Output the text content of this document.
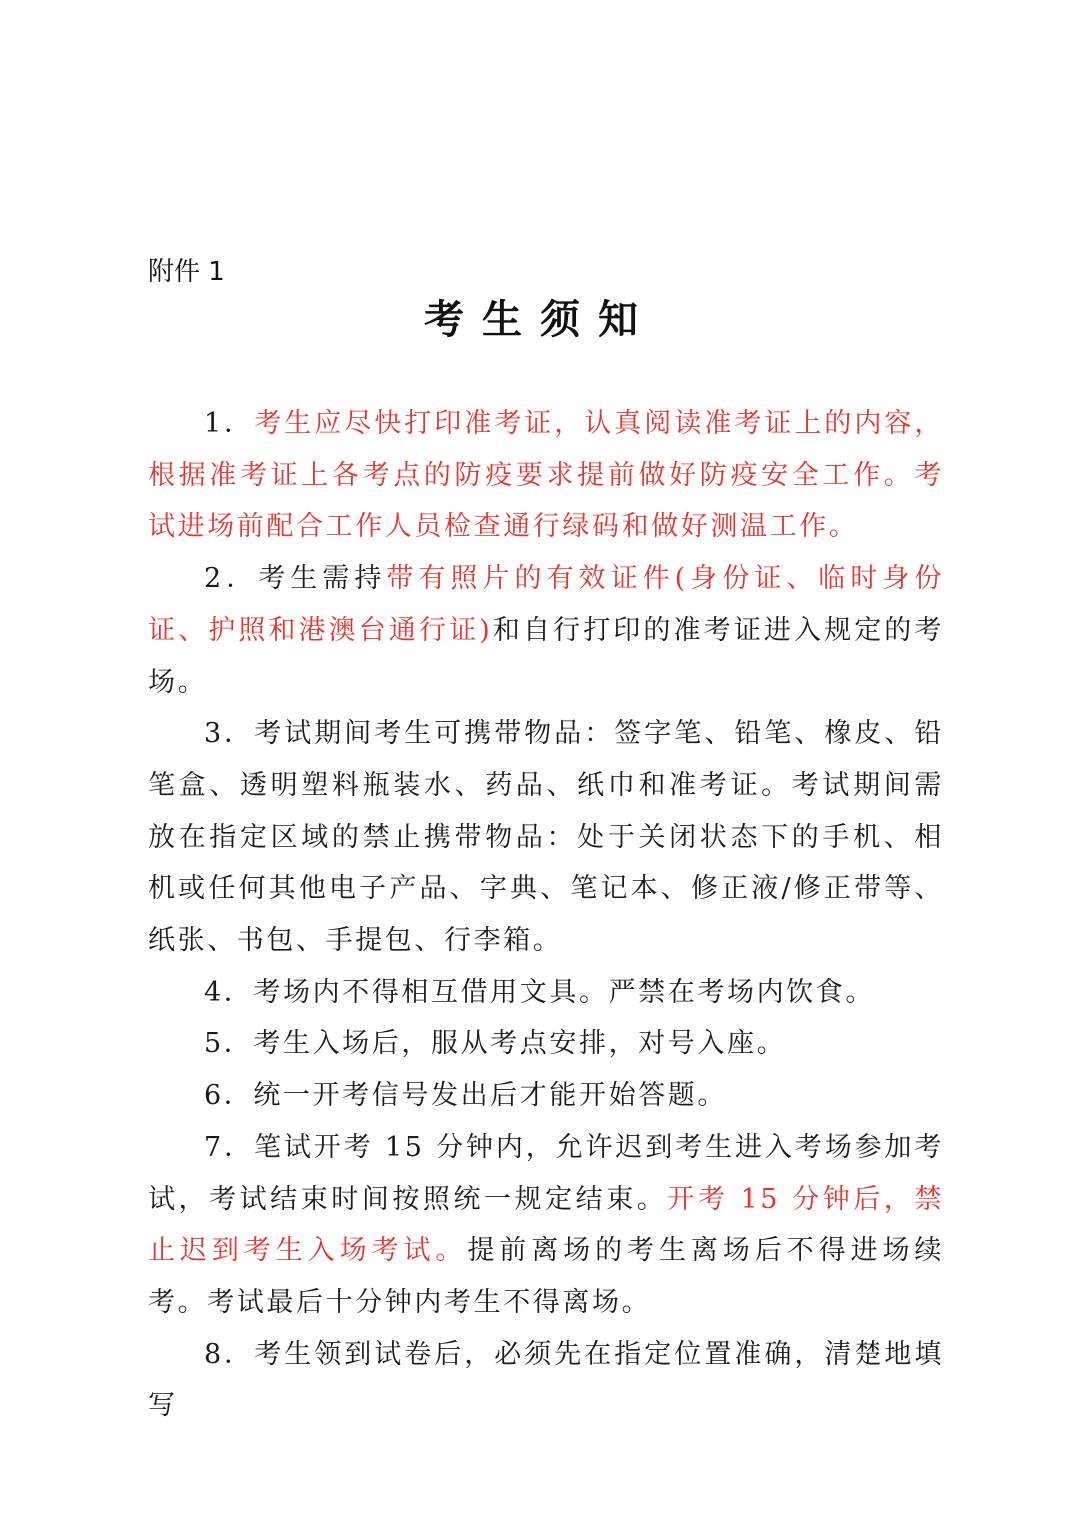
附件 1

考生须知

1．考生应尽快打印准考证，认真阅读准考证上的内容，根据准考证上各考点的防疫要求提前做好防疫安全工作。考试进场前配合工作人员检查通行绿码和做好测温工作。

2．考生需持带有照片的有效证件(身份证、临时身份证、护照和港澳台通行证)和自行打印的准考证进入规定的考场。

3．考试期间考生可携带物品：签字笔、铅笔、橡皮、铅笔盒、透明塑料瓶装水、药品、纸巾和准考证。考试期间需放在指定区域的禁止携带物品：处于关闭状态下的手机、相机或任何其他电子产品、字典、笔记本、修正液/修正带等、纸张、书包、手提包、行李箱。

4．考场内不得相互借用文具。严禁在考场内饮食。

5．考生入场后，服从考点安排，对号入座。

6．统一开考信号发出后才能开始答题。

7．笔试开考 15 分钟内，允许迟到考生进入考场参加考试，考试结束时间按照统一规定结束。开考 15 分钟后，禁止迟到考生入场考试。提前离场的考生离场后不得进场续考。考试最后十分钟内考生不得离场。

8．考生领到试卷后，必须先在指定位置准确，清楚地填写
